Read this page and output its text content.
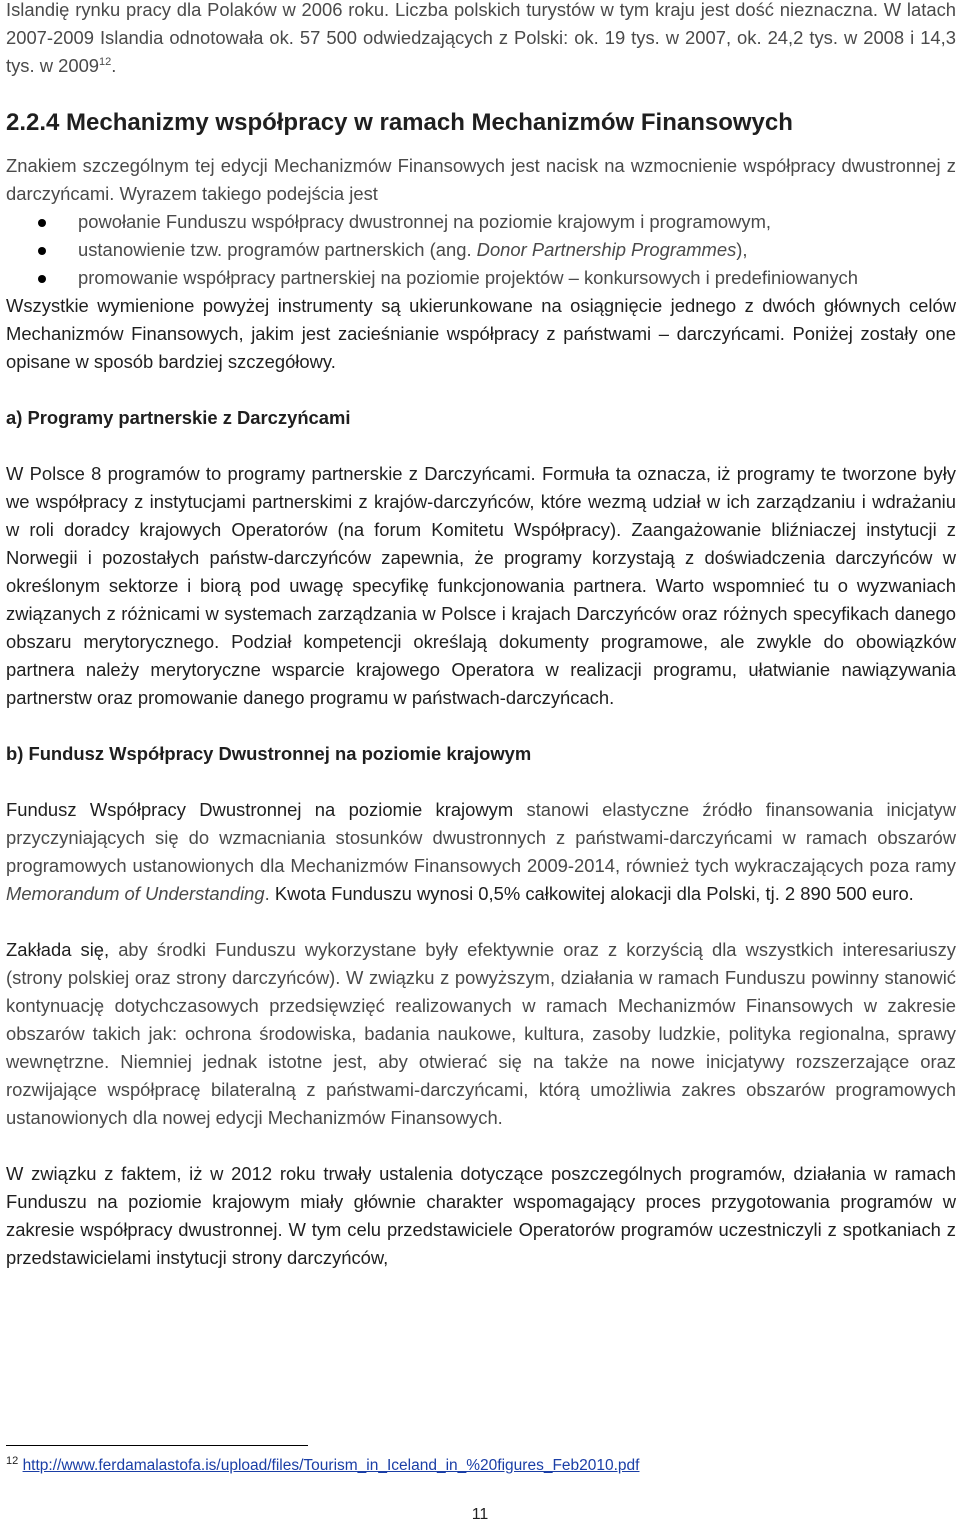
Islandię rynku pracy dla Polaków w 2006 roku. Liczba polskich turystów w tym kraju jest dość nieznaczna. W latach 2007-2009 Islandia odnotowała ok. 57 500 odwiedzających z Polski: ok. 19 tys. w 2007, ok. 24,2 tys. w 2008 i 14,3 tys. w 2009$^{12}$.

2.2.4 Mechanizmy współpracy w ramach Mechanizmów Finansowych

Znakiem szczególnym tej edycji Mechanizmów Finansowych jest nacisk na wzmocnienie współpracy dwustronnej z darczyńcami. Wyrazem takiego podejścia jest

powołanie Funduszu współpracy dwustronnej na poziomie krajowym i programowym,
ustanowienie tzw. programów partnerskich (ang. Donor Partnership Programmes),
promowanie współpracy partnerskiej na poziomie projektów – konkursowych i predefiniowanych

Wszystkie wymienione powyżej instrumenty są ukierunkowane na osiągnięcie jednego z dwóch głównych celów Mechanizmów Finansowych, jakim jest zacieśnianie współpracy z państwami – darczyńcami. Poniżej zostały one opisane w sposób bardziej szczegółowy.

a) Programy partnerskie z Darczyńcami

W Polsce 8 programów to programy partnerskie z Darczyńcami. Formuła ta oznacza, iż programy te tworzone były we współpracy z instytucjami partnerskimi z krajów-darczyńców, które wezmą udział w ich zarządzaniu i wdrażaniu w roli doradcy krajowych Operatorów (na forum Komitetu Współpracy). Zaangażowanie bliźniaczej instytucji z Norwegii i pozostałych państw-darczyńców zapewnia, że programy korzystają z doświadczenia darczyńców w określonym sektorze i biorą pod uwagę specyfikę funkcjonowania partnera. Warto wspomnieć tu o wyzwaniach związanych z różnicami w systemach zarządzania w Polsce i krajach Darczyńców oraz różnych specyfikach danego obszaru merytorycznego. Podział kompetencji określają dokumenty programowe, ale zwykle do obowiązków partnera należy merytoryczne wsparcie krajowego Operatora w realizacji programu, ułatwianie nawiązywania partnerstw oraz promowanie danego programu w państwach-darczyńcach.

b) Fundusz Współpracy Dwustronnej na poziomie krajowym

Fundusz Współpracy Dwustronnej na poziomie krajowym stanowi elastyczne źródło finansowania inicjatyw przyczyniających się do wzmacniania stosunków dwustronnych z państwami-darczyńcami w ramach obszarów programowych ustanowionych dla Mechanizmów Finansowych 2009-2014, również tych wykraczających poza ramy Memorandum of Understanding. Kwota Funduszu wynosi 0,5% całkowitej alokacji dla Polski, tj. 2 890 500 euro.

Zakłada się, aby środki Funduszu wykorzystane były efektywnie oraz z korzyścią dla wszystkich interesariuszy (strony polskiej oraz strony darczyńców). W związku z powyższym, działania w ramach Funduszu powinny stanowić kontynuację dotychczasowych przedsięwzięć realizowanych w ramach Mechanizmów Finansowych w zakresie obszarów takich jak: ochrona środowiska, badania naukowe, kultura, zasoby ludzkie, polityka regionalna, sprawy wewnętrzne. Niemniej jednak istotne jest, aby otwierać się na także na nowe inicjatywy rozszerzające oraz rozwijające współpracę bilateralną z państwami-darczyńcami, którą umożliwia zakres obszarów programowych ustanowionych dla nowej edycji Mechanizmów Finansowych.

W związku z faktem, iż w 2012 roku trwały ustalenia dotyczące poszczególnych programów, działania w ramach Funduszu na poziomie krajowym miały głównie charakter wspomagający proces przygotowania programów w zakresie współpracy dwustronnej. W tym celu przedstawiciele Operatorów programów uczestniczyli z spotkaniach z przedstawicielami instytucji strony darczyńców,

$^{12}$ http://www.ferdamalastofa.is/upload/files/Tourism_in_Iceland_in_%20figures_Feb2010.pdf
11
